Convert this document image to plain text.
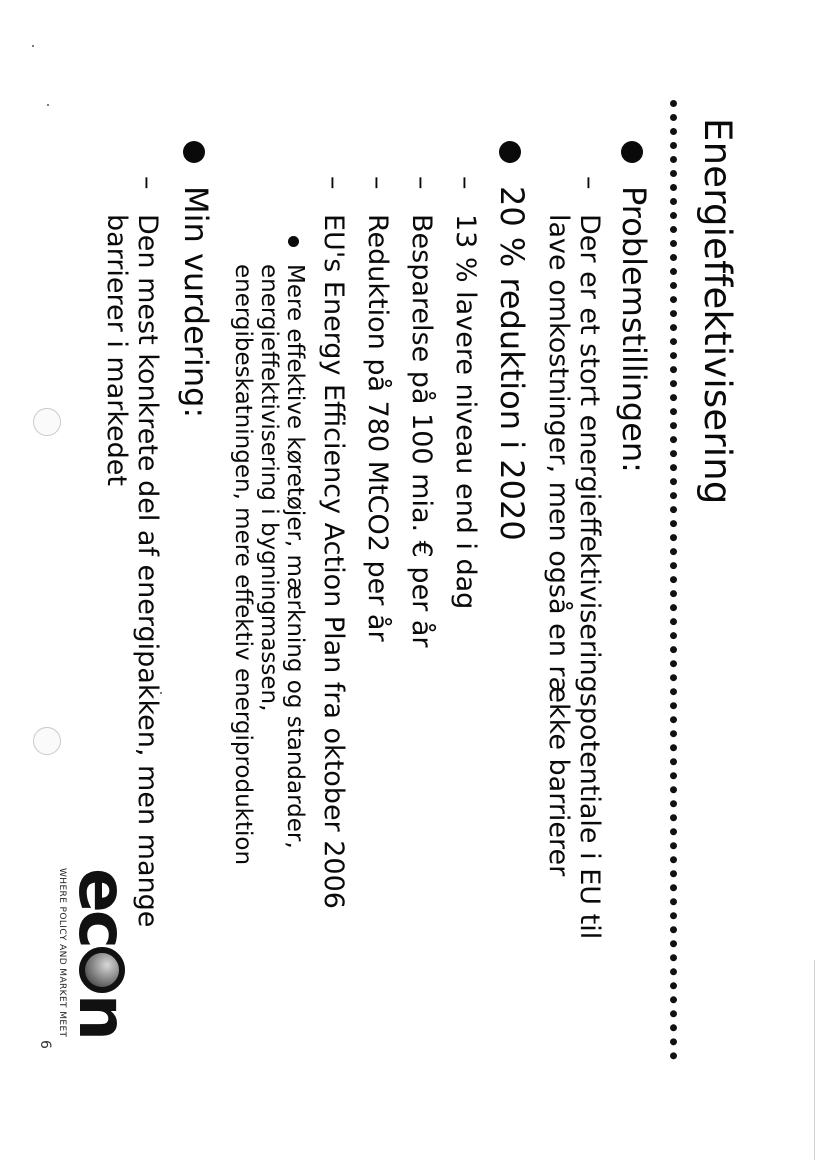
Energieffektivisering
Problemstillingen:
–
Der er et stort energieffektiviseringspotentiale i EU til
lave omkostninger, men også en række barrierer
20 % reduktion i 2020
–
13 % lavere niveau end i dag
–
Besparelse på 100 mia. € per år
–
Reduktion på 780 MtCO2 per år
–
EU's Energy Efficiency Action Plan fra oktober 2006
Mere effektive køretøjer, mærkning og standarder,
energieffektivisering i bygningmassen,
energibeskatningen, mere effektiv energiproduktion
Min vurdering:
–
Den mest konkrete del af energipakken, men mange
barrierer i markedet
ec
n
WHERE POLICY AND MARKET MEET
6
